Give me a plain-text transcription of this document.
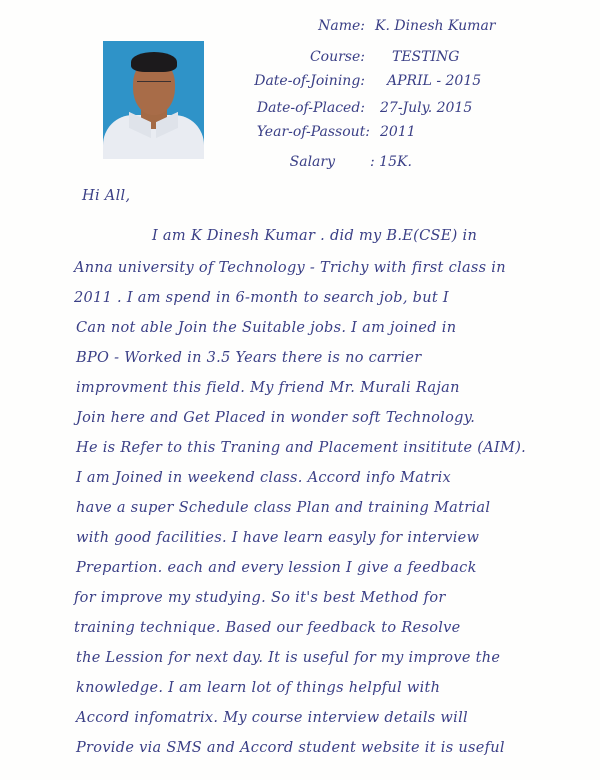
Name: K. Dinesh Kumar
Course: TESTING
Date-of-Joining: APRIL - 2015
Date-of-Placed: 27-July. 2015
Year-of-Passout: 2011
Salary	: 15K.
Hi All,
I am K Dinesh Kumar . did my B.E(CSE) in
Anna university of Technology - Trichy with first class in
2011 . I am spend in 6-month to search job, but I
Can not able Join the Suitable jobs. I am joined in
BPO - Worked in 3.5 Years there is no carrier
improvment this field. My friend Mr. Murali Rajan
Join here and Get Placed in wonder soft Technology.
He is Refer to this Traning and Placement insititute (AIM).
I am Joined in weekend class. Accord info Matrix
have a super Schedule class Plan and training Matrial
with good facilities. I have learn easyly for interview
Prepartion. each and every lession I give a feedback
for improve my studying. So it's best Method for
training technique. Based our feedback to Resolve
the Lession for next day. It is useful for my improve the
knowledge. I am learn lot of things helpful with
Accord infomatrix. My course interview details will
Provide via SMS and Accord student website it is useful
